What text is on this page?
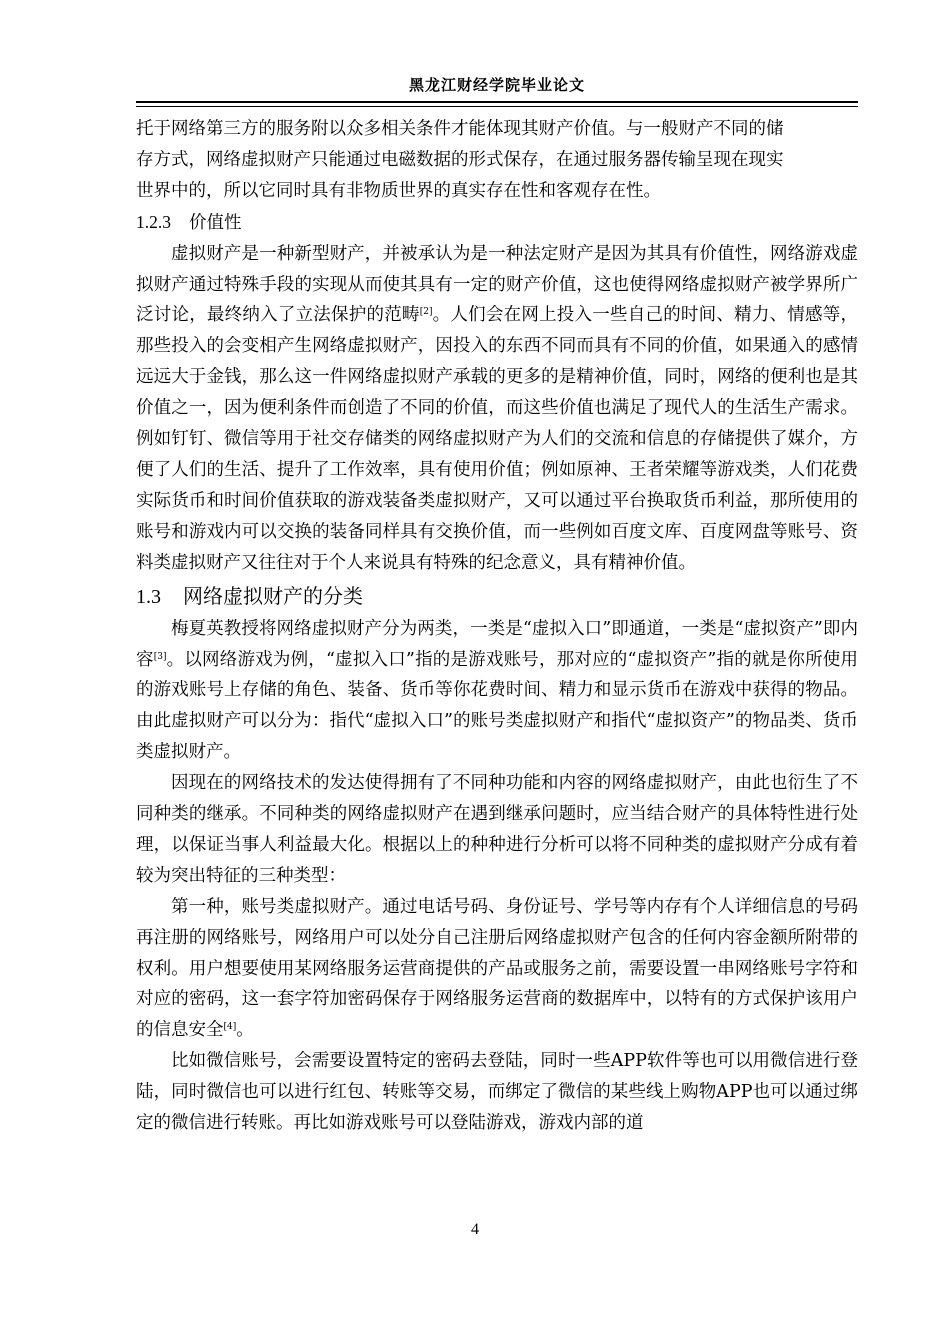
黑龙江财经学院毕业论文

托于网络第三方的服务附以众多相关条件才能体现其财产价值。与一般财产不同的储
存方式，网络虚拟财产只能通过电磁数据的形式保存，在通过服务器传输呈现在现实
世界中的，所以它同时具有非物质世界的真实存在性和客观存在性。

1.2.3 价值性

虚拟财产是一种新型财产，并被承认为是一种法定财产是因为其具有价值性，网络游戏虚拟财产通过特殊手段的实现从而使其具有一定的财产价值，这也使得网络虚拟财产被学界所广泛讨论，最终纳入了立法保护的范畴[2]。人们会在网上投入一些自己的时间、精力、情感等，那些投入的会变相产生网络虚拟财产，因投入的东西不同而具有不同的价值，如果通入的感情远远大于金钱，那么这一件网络虚拟财产承载的更多的是精神价值，同时，网络的便利也是其价值之一，因为便利条件而创造了不同的价值，而这些价值也满足了现代人的生活生产需求。例如钉钉、微信等用于社交存储类的网络虚拟财产为人们的交流和信息的存储提供了媒介，方便了人们的生活、提升了工作效率，具有使用价值；例如原神、王者荣耀等游戏类，人们花费实际货币和时间价值获取的游戏装备类虚拟财产，又可以通过平台换取货币利益，那所使用的账号和游戏内可以交换的装备同样具有交换价值，而一些例如百度文库、百度网盘等账号、资料类虚拟财产又往往对于个人来说具有特殊的纪念意义，具有精神价值。

1.3 网络虚拟财产的分类

梅夏英教授将网络虚拟财产分为两类，一类是“虚拟入口”即通道，一类是“虚拟资产”即内容[3]。以网络游戏为例，“虚拟入口”指的是游戏账号，那对应的“虚拟资产”指的就是你所使用的游戏账号上存储的角色、装备、货币等你花费时间、精力和显示货币在游戏中获得的物品。由此虚拟财产可以分为：指代“虚拟入口”的账号类虚拟财产和指代“虚拟资产”的物品类、货币类虚拟财产。

因现在的网络技术的发达使得拥有了不同种功能和内容的网络虚拟财产，由此也衍生了不同种类的继承。不同种类的网络虚拟财产在遇到继承问题时，应当结合财产的具体特性进行处理，以保证当事人利益最大化。根据以上的种种进行分析可以将不同种类的虚拟财产分成有着较为突出特征的三种类型：

第一种，账号类虚拟财产。通过电话号码、身份证号、学号等内存有个人详细信息的号码再注册的网络账号，网络用户可以处分自己注册后网络虚拟财产包含的任何内容金额所附带的权利。用户想要使用某网络服务运营商提供的产品或服务之前，需要设置一串网络账号字符和对应的密码，这一套字符加密码保存于网络服务运营商的数据库中，以特有的方式保护该用户的信息安全[4]。

比如微信账号，会需要设置特定的密码去登陆，同时一些APP软件等也可以用微信进行登陆，同时微信也可以进行红包、转账等交易，而绑定了微信的某些线上购物APP也可以通过绑定的微信进行转账。再比如游戏账号可以登陆游戏，游戏内部的道

4
